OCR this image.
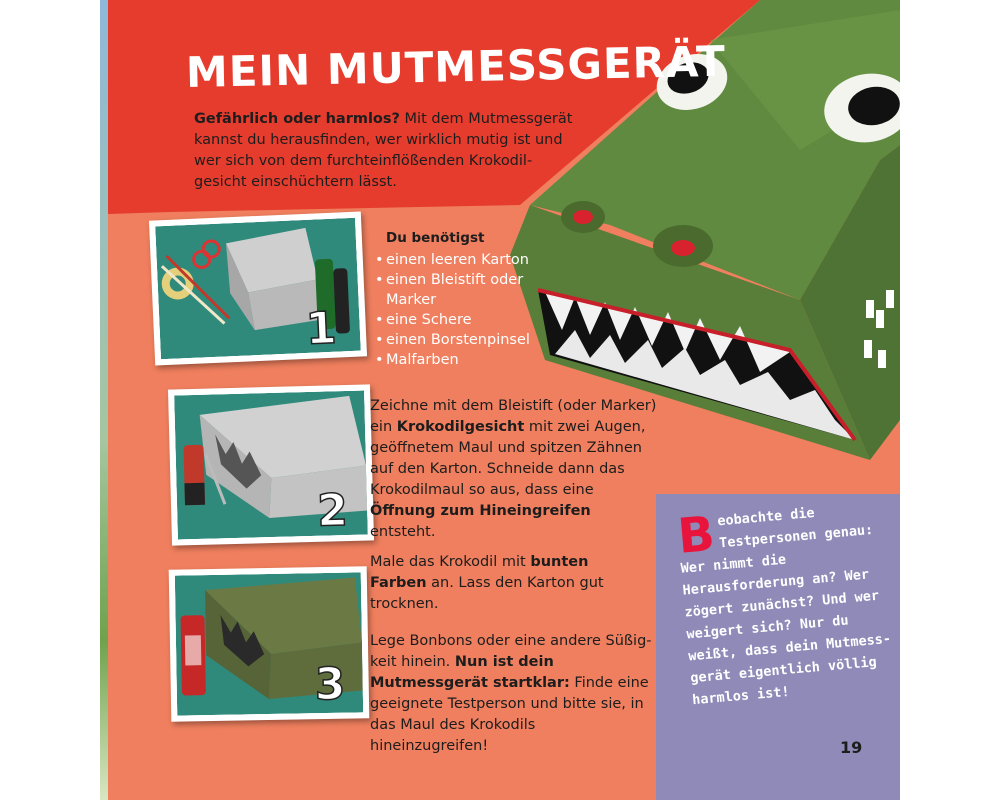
MEIN MUTMESSGERÄT

Gefährlich oder harmlos? Mit dem Mutmessgerät kannst du herausfinden, wer wirklich mutig ist und wer sich von dem furchteinflößenden Krokodilgesicht einschüchtern lässt.

1
2
3

Du benötigst

• einen leeren Karton
• einen Bleistift oder Marker
• eine Schere
• einen Borstenpinsel
• Malfarben

Zeichne mit dem Bleistift (oder Marker) ein Krokodilgesicht mit zwei Augen, geöffnetem Maul und spitzen Zähnen auf den Karton. Schneide dann das Krokodilmaul so aus, dass eine Öffnung zum Hineingreifen entsteht.

Male das Krokodil mit bunten Farben an. Lass den Karton gut trocknen.

Lege Bonbons oder eine andere Süßigkeit hinein. Nun ist dein Mutmessgerät startklar: Finde eine geeignete Testperson und bitte sie, in das Maul des Krokodils hineinzugreifen!

Beobachte die Testpersonen genau: Wer nimmt die Herausforderung an? Wer zögert zunächst? Und wer weigert sich? Nur du weißt, dass dein Mutmessgerät eigentlich völlig harmlos ist!

19
